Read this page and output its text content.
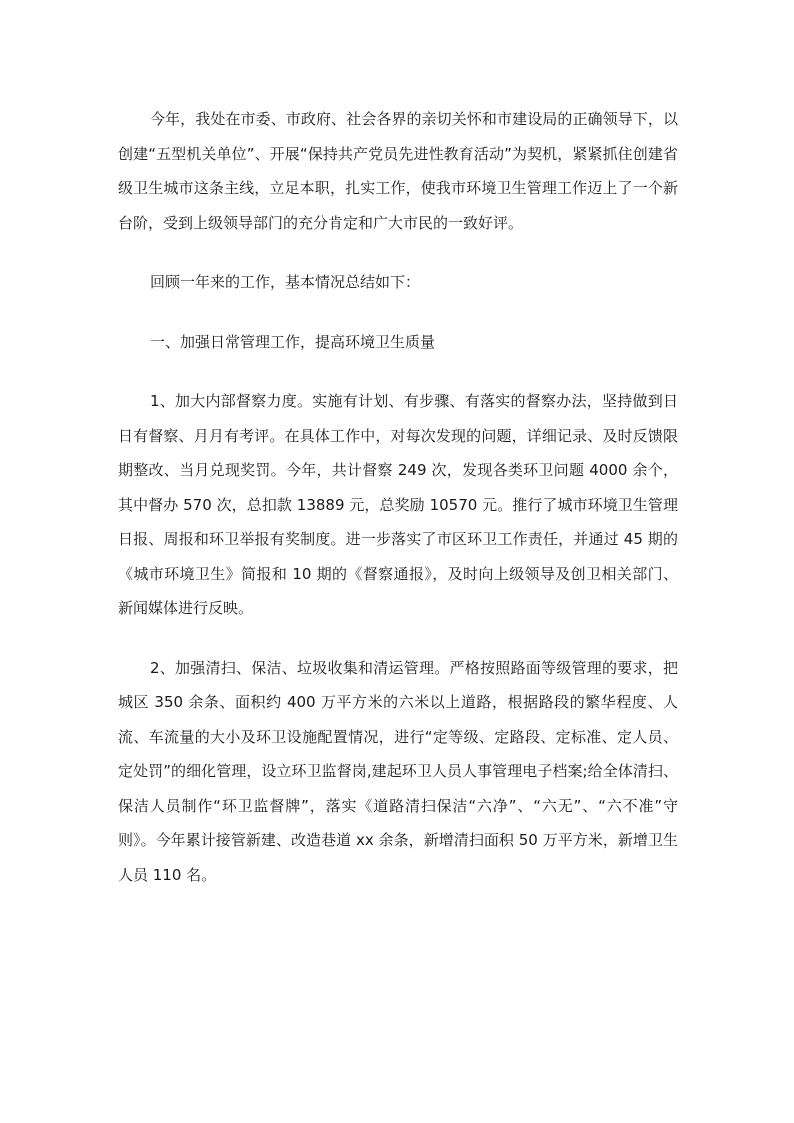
今年，我处在市委、市政府、社会各界的亲切关怀和市建设局的正确领导下，以创建“五型机关单位”、开展“保持共产党员先进性教育活动”为契机，紧紧抓住创建省级卫生城市这条主线，立足本职，扎实工作，使我市环境卫生管理工作迈上了一个新台阶，受到上级领导部门的充分肯定和广大市民的一致好评。

回顾一年来的工作，基本情况总结如下：

一、加强日常管理工作，提高环境卫生质量

1、加大内部督察力度。实施有计划、有步骤、有落实的督察办法，坚持做到日日有督察、月月有考评。在具体工作中，对每次发现的问题，详细记录、及时反馈限期整改、当月兑现奖罚。今年，共计督察 249 次，发现各类环卫问题 4000 余个，其中督办 570 次，总扣款 13889 元，总奖励 10570 元。推行了城市环境卫生管理日报、周报和环卫举报有奖制度。进一步落实了市区环卫工作责任，并通过 45 期的《城市环境卫生》简报和 10 期的《督察通报》，及时向上级领导及创卫相关部门、新闻媒体进行反映。

2、加强清扫、保洁、垃圾收集和清运管理。严格按照路面等级管理的要求，把城区 350 余条、面积约 400 万平方米的六米以上道路，根据路段的繁华程度、人流、车流量的大小及环卫设施配置情况，进行“定等级、定路段、定标准、定人员、定处罚”的细化管理，设立环卫监督岗,建起环卫人员人事管理电子档案;给全体清扫、保洁人员制作“环卫监督牌”，落实《道路清扫保洁“六净”、“六无”、“六不准”守则》。今年累计接管新建、改造巷道 xx 余条，新增清扫面积 50 万平方米，新增卫生人员 110 名。
